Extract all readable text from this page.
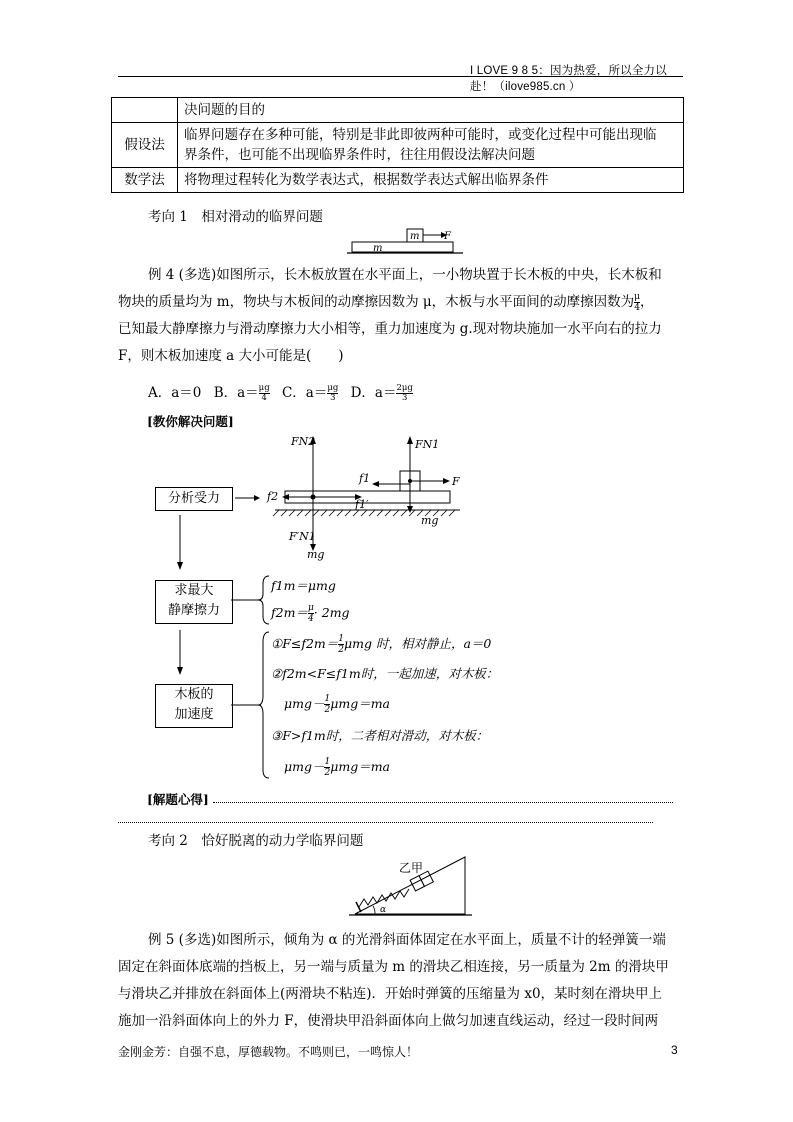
I LOVE 9 8 5：因为热爱，所以全力以赴！（ilove985.cn ）
	决问题的目的
假设法	临界问题存在多种可能，特别是非此即彼两种可能时，或变化过程中可能出现临
界条件，也可能不出现临界条件时，往往用假设法解决问题

数学法	将物理过程转化为数学表达式，根据数学表达式解出临界条件
考向 1　相对滑动的临界问题
m F
m
例 4 (多选)如图所示，长木板放置在水平面上，一小物块置于长木板的中央，长木板和
物块的质量均为 m，物块与木板间的动摩擦因数为 μ，木板与水平面间的动摩擦因数为 $\frac{\mu}{4}$ ，
已知最大静摩擦力与滑动摩擦力大小相等，重力加速度为 g.现对物块施加一水平向右的拉力
F，则木板加速度 a 大小可能是(　　)
A．a＝0 B．$a= \frac{\mu g}{4}$ C．$a= \frac{\mu g}{3}$ D．$a= \frac{2\mu g}{3}$
[教你解决问题]
FN2	FN1
f1	F
f2
f1′
mg
F′N1
mg
分析受力
求最大
静摩擦力
木板的
加速度
f1m＝μmg
$f2m= \frac{\mu}{4} \cdot 2mg$
①F≤f2m＝ $\frac{1}{2}$ μmg 时，相对静止，a＝0
②f2m<F≤f1m时，一起加速，对木板：
$\mu mg- \frac{1}{2} \mu mg=ma$
③F>f1m时，二者相对滑动，对木板：
$\mu mg- \frac{1}{2} \mu mg=ma$
[解题心得]
考向 2　恰好脱离的动力学临界问题
乙甲
α
例 5 (多选)如图所示，倾角为 α 的光滑斜面体固定在水平面上，质量不计的轻弹簧一端
固定在斜面体底端的挡板上，另一端与质量为 m 的滑块乙相连接，另一质量为 2m 的滑块甲
与滑块乙并排放在斜面体上(两滑块不粘连)．开始时弹簧的压缩量为 x0，某时刻在滑块甲上
施加一沿斜面体向上的外力 F，使滑块甲沿斜面体向上做匀加速直线运动，经过一段时间两
金刚金芳：自强不息，厚德载物。不鸣则已，一鸣惊人！	3
